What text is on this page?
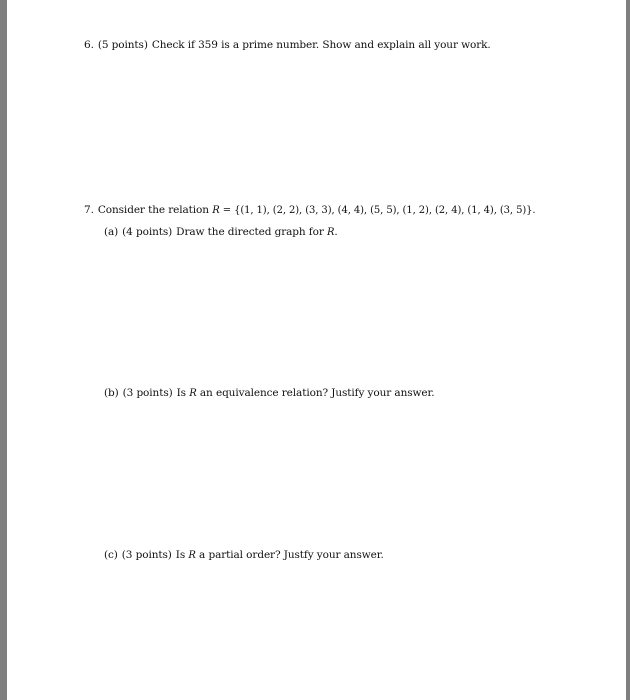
6. (5 points) Check if 359 is a prime number. Show and explain all your work.
7. Consider the relation R = {(1, 1), (2, 2), (3, 3), (4, 4), (5, 5), (1, 2), (2, 4), (1, 4), (3, 5)}.
(a) (4 points) Draw the directed graph for R.
(b) (3 points) Is R an equivalence relation? Justify your answer.
(c) (3 points) Is R a partial order? Justfy your answer.
